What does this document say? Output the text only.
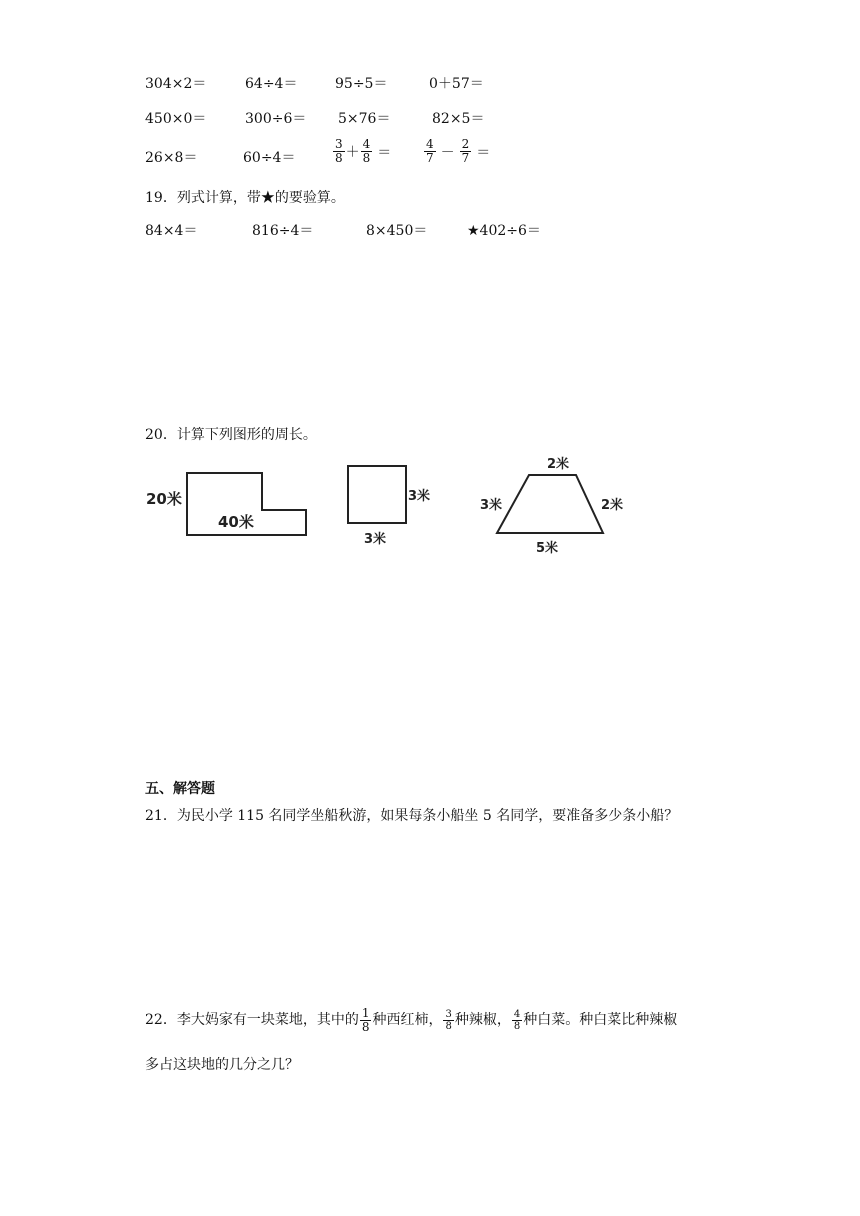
304×2＝	64÷4＝	95÷5＝	0＋57＝
450×0＝	300÷6＝ 5×76＝	82×5＝
26×8＝	60÷4＝	$\frac{3}{8} + \frac{4}{8}$ ＝	$\frac{4}{7} - \frac{2}{7}$ ＝
19．列式计算，带★的要验算。
84×4＝	816÷4＝	8×450＝	★402÷6＝
20．计算下列图形的周长。
20米
40米
3米
3米
2米
3米	2米
5米
五、解答题
21．为民小学 115 名同学坐船秋游，如果每条小船坐 5 名同学，要准备多少条小船？
22．李大妈家有一块菜地，其中的 $\frac{1}{8}$ 种西红柿， $\frac{3}{8}$ 种辣椒， $\frac{4}{8}$ 种白菜。种白菜比种辣椒
多占这块地的几分之几？
